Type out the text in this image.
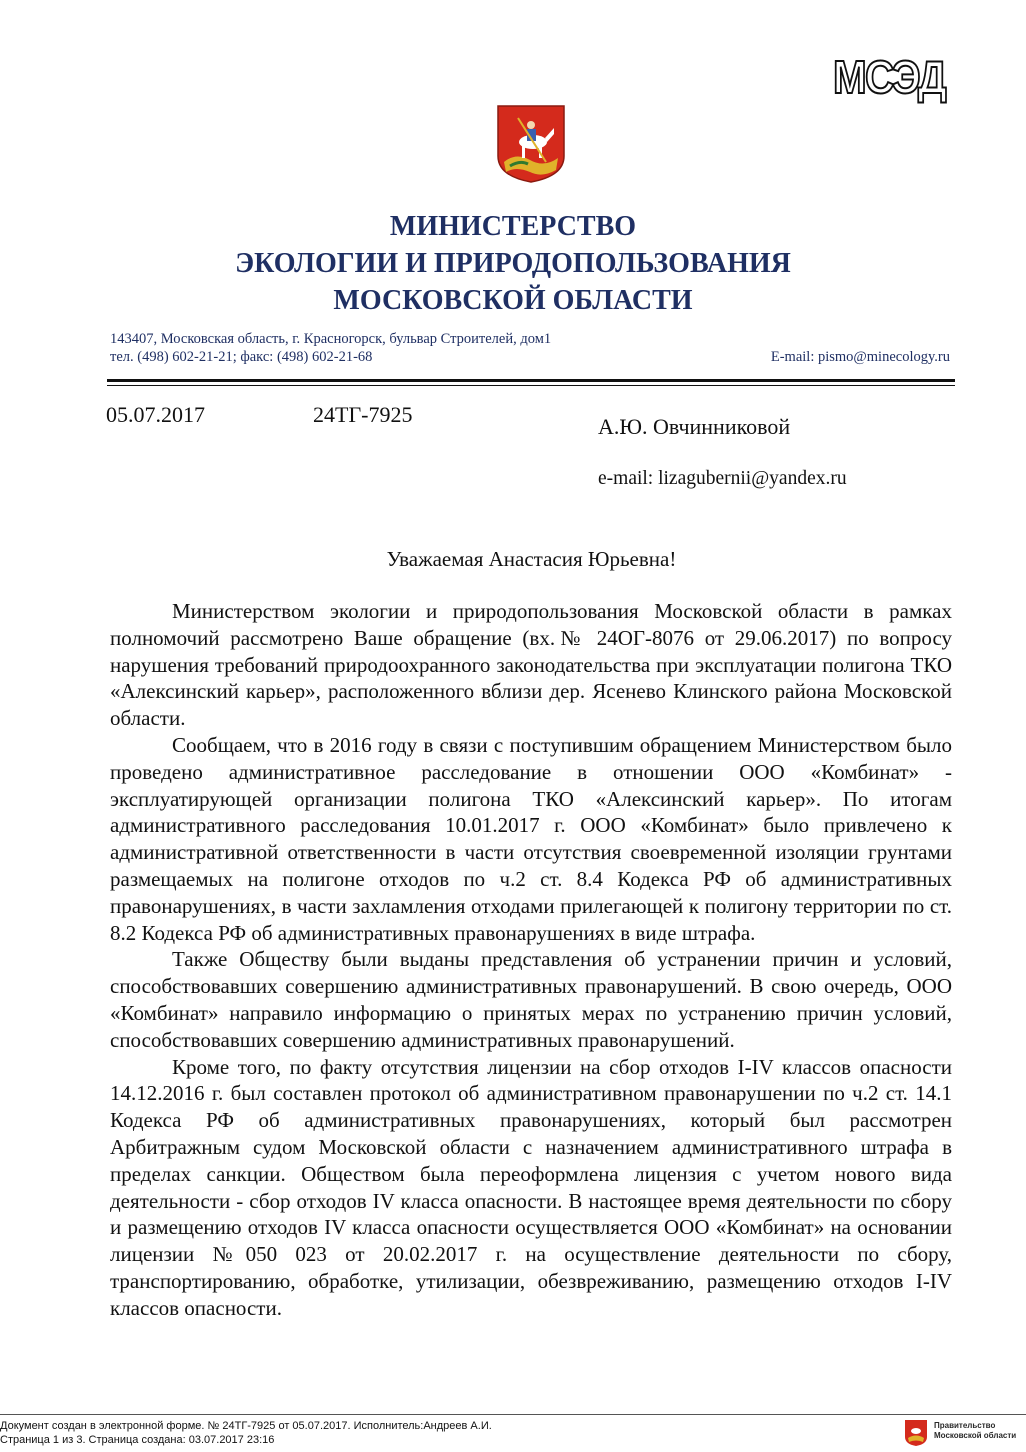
МСЭД
МИНИСТЕРСТВО
ЭКОЛОГИИ И ПРИРОДОПОЛЬЗОВАНИЯ
МОСКОВСКОЙ ОБЛАСТИ
143407, Московская область, г. Красногорск, бульвар Строителей, дом1
тел. (498) 602-21-21; факс: (498) 602-21-68	E-mail: pismo@minecology.ru
05.07.2017	24ТГ-7925	А.Ю. Овчинниковой
e-mail: lizagubernii@yandex.ru
Уважаемая Анастасия Юрьевна!

Министерством экологии и природопользования Московской области в рамках полномочий рассмотрено Ваше обращение (вх.№ 24ОГ-8076 от 29.06.2017) по вопросу нарушения требований природоохранного законодательства при эксплуатации полигона ТКО «Алексинский карьер», расположенного вблизи дер. Ясенево Клинского района Московской области.

Сообщаем, что в 2016 году в связи с поступившим обращением Министерством было проведено административное расследование в отношении ООО «Комбинат» - эксплуатирующей организации полигона ТКО «Алексинский карьер». По итогам административного расследования 10.01.2017 г. ООО «Комбинат» было привлечено к административной ответственности в части отсутствия своевременной изоляции грунтами размещаемых на полигоне отходов по ч.2 ст. 8.4 Кодекса РФ об административных правонарушениях, в части захламления отходами прилегающей к полигону территории по ст. 8.2 Кодекса РФ об административных правонарушениях в виде штрафа.

Также Обществу были выданы представления об устранении причин и условий, способствовавших совершению административных правонарушений. В свою очередь, ООО «Комбинат» направило информацию о принятых мерах по устранению причин условий, способствовавших совершению административных правонарушений.

Кроме того, по факту отсутствия лицензии на сбор отходов I-IV классов опасности 14.12.2016 г. был составлен протокол об административном правонарушении по ч.2 ст. 14.1 Кодекса РФ об административных правонарушениях, который был рассмотрен Арбитражным судом Московской области с назначением административного штрафа в пределах санкции. Обществом была переоформлена лицензия с учетом нового вида деятельности - сбор отходов IV класса опасности. В настоящее время деятельности по сбору и размещению отходов IV класса опасности осуществляется ООО «Комбинат» на основании лицензии №050 023 от 20.02.2017 г. на осуществление деятельности по сбору, транспортированию, обработке, утилизации, обезвреживанию, размещению отходов I-IV классов опасности.

Документ создан в электронной форме. № 24ТГ-7925 от 05.07.2017. Исполнитель:Андреев А.И.
Страница 1 из 3. Страница создана: 03.07.2017 23:16
Правительство
Московской области
